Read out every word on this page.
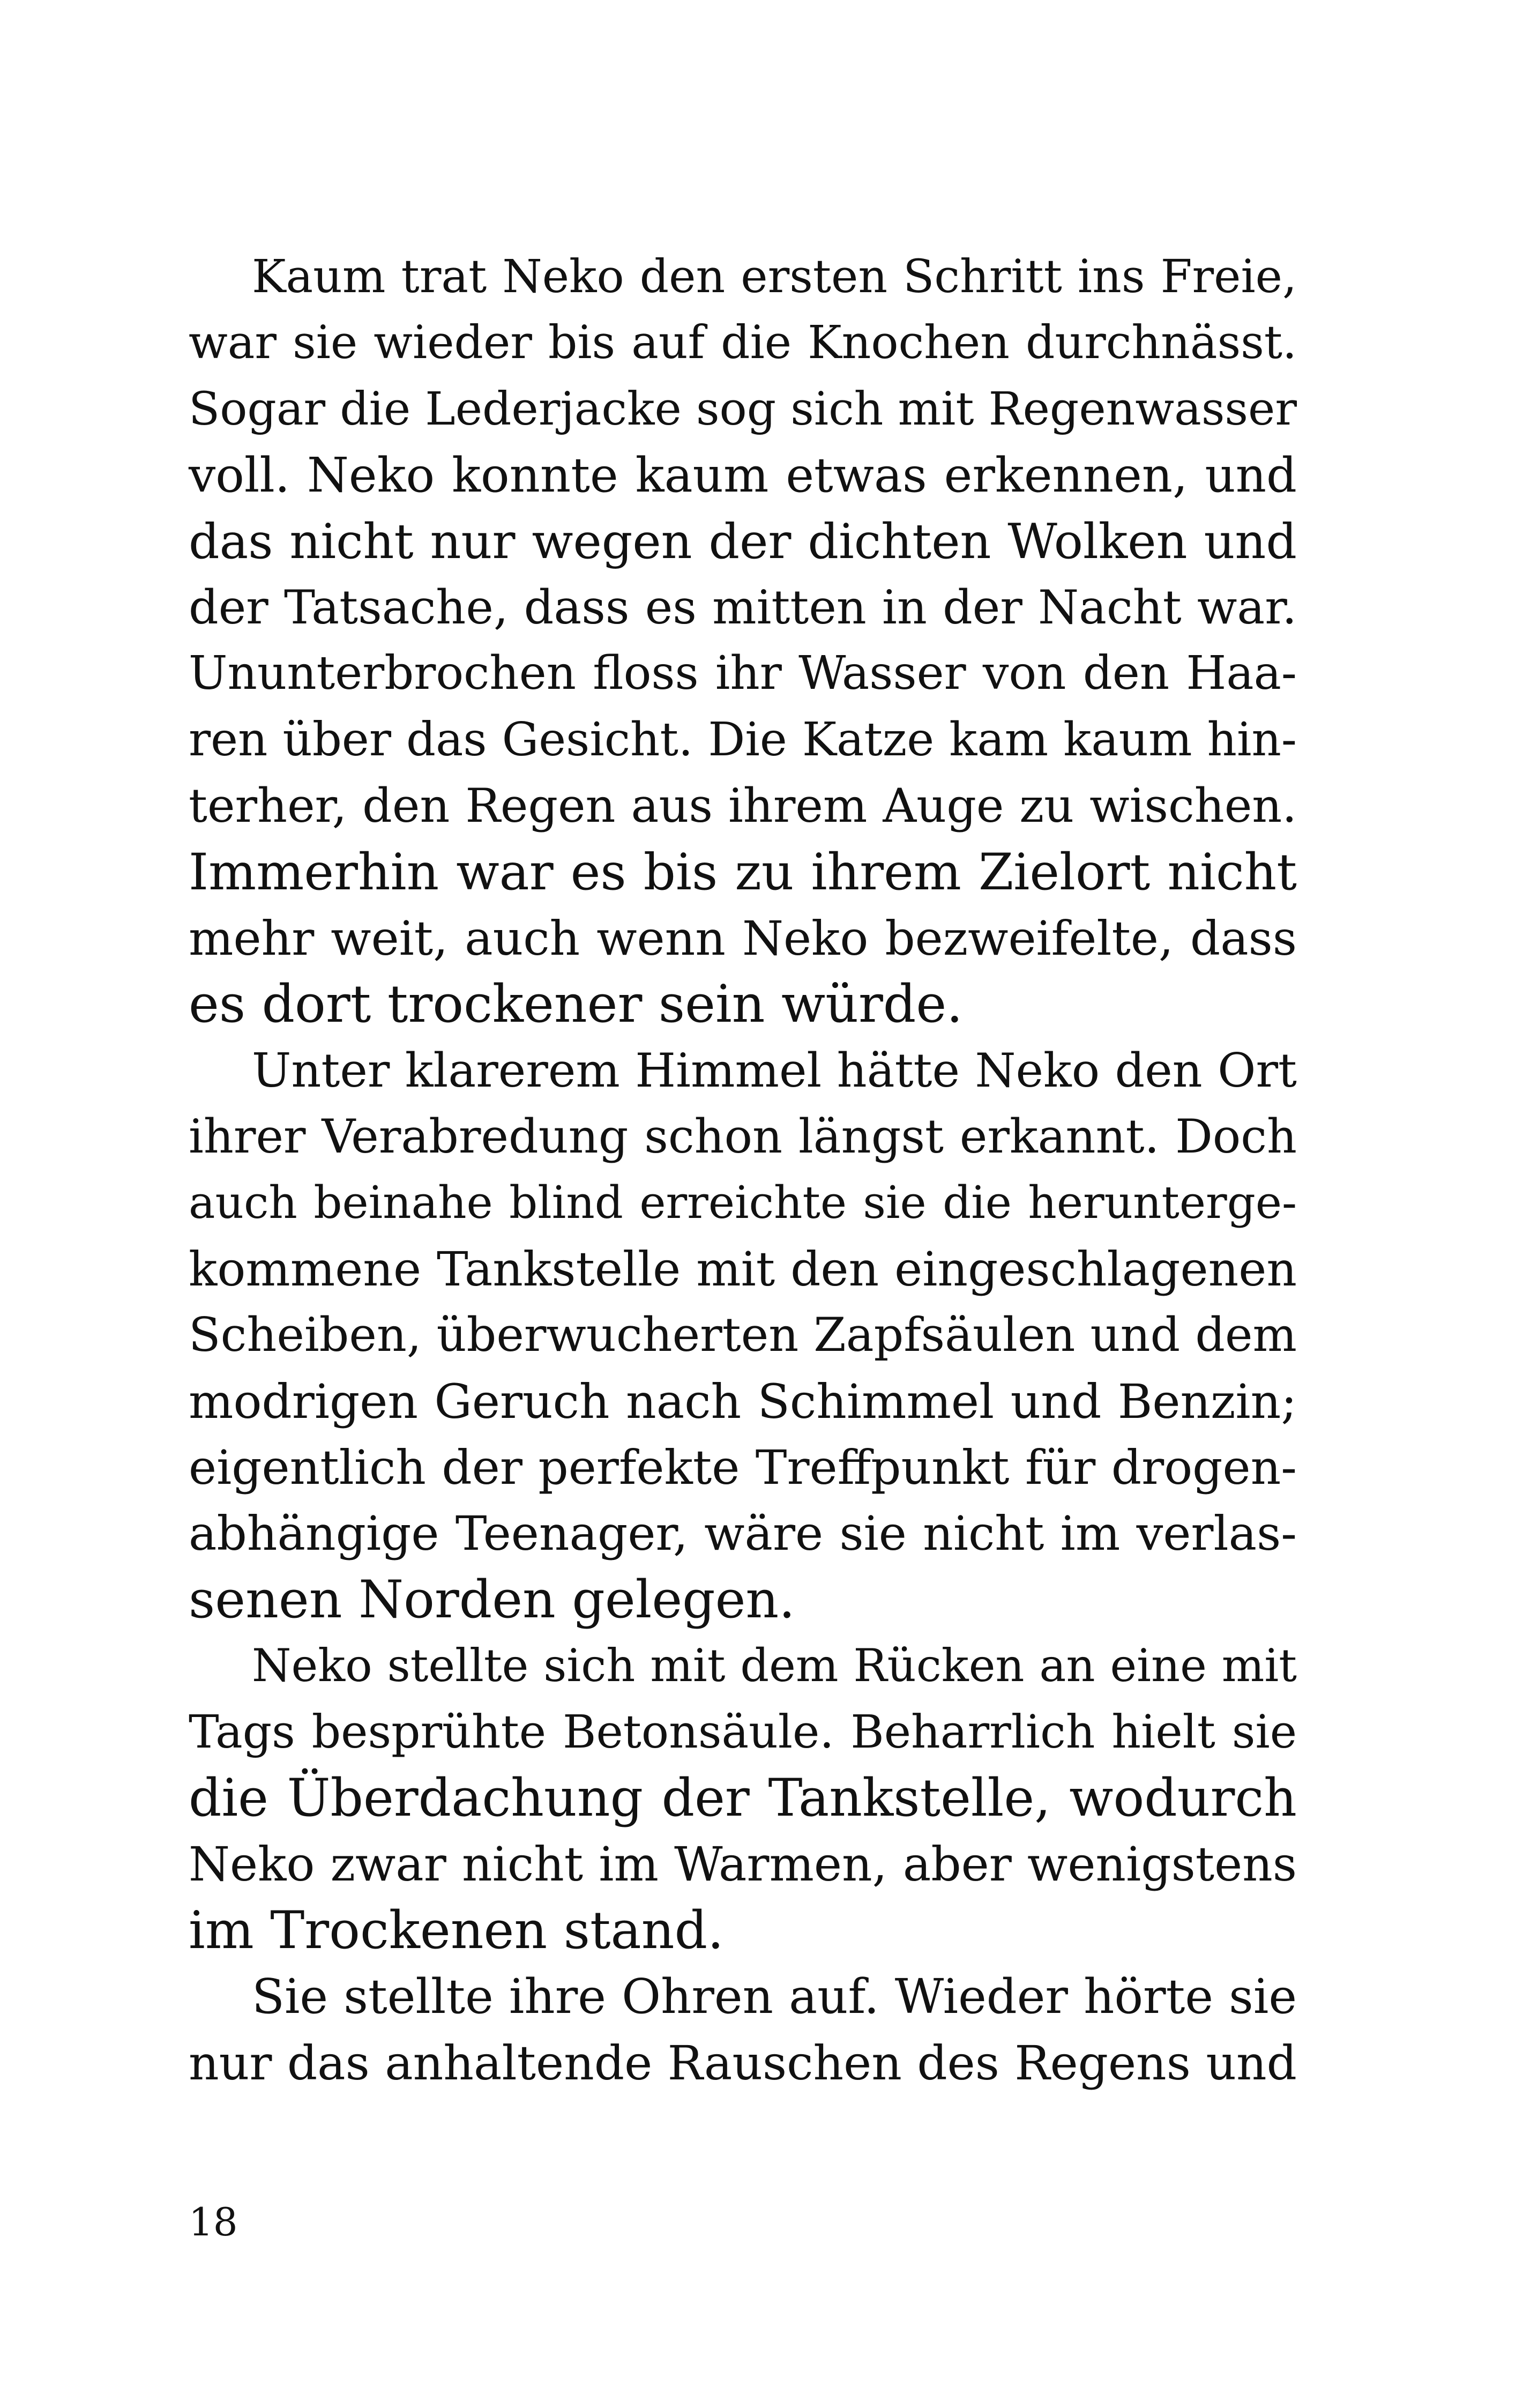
Kaum trat Neko den ersten Schritt ins Freie,
war sie wieder bis auf die Knochen durchnässt.
Sogar die Lederjacke sog sich mit Regenwasser
voll. Neko konnte kaum etwas erkennen, und
das nicht nur wegen der dichten Wolken und
der Tatsache, dass es mitten in der Nacht war.
Ununterbrochen floss ihr Wasser von den Haa-
ren über das Gesicht. Die Katze kam kaum hin-
terher, den Regen aus ihrem Auge zu wischen.
Immerhin war es bis zu ihrem Zielort nicht
mehr weit, auch wenn Neko bezweifelte, dass
es dort trockener sein würde.
Unter klarerem Himmel hätte Neko den Ort
ihrer Verabredung schon längst erkannt. Doch
auch beinahe blind erreichte sie die herunterge-
kommene Tankstelle mit den eingeschlagenen
Scheiben, überwucherten Zapfsäulen und dem
modrigen Geruch nach Schimmel und Benzin;
eigentlich der perfekte Treffpunkt für drogen-
abhängige Teenager, wäre sie nicht im verlas-
senen Norden gelegen.
Neko stellte sich mit dem Rücken an eine mit
Tags besprühte Betonsäule. Beharrlich hielt sie
die Überdachung der Tankstelle, wodurch
Neko zwar nicht im Warmen, aber wenigstens
im Trockenen stand.
Sie stellte ihre Ohren auf. Wieder hörte sie
nur das anhaltende Rauschen des Regens und
18
